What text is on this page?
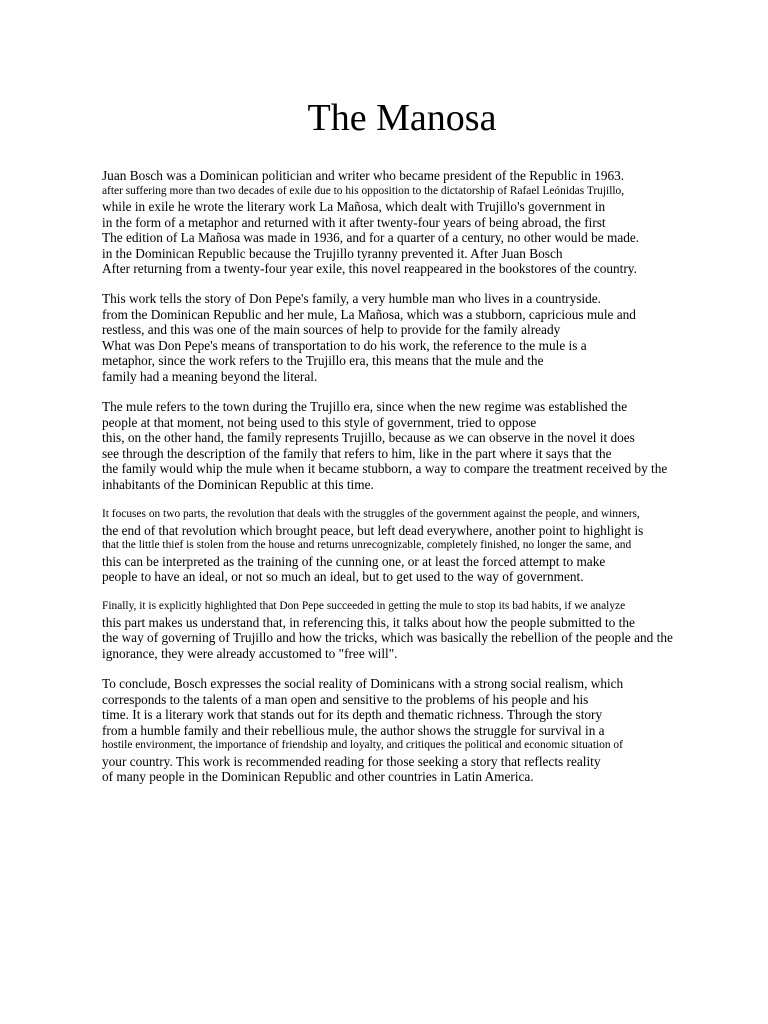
The Manosa
Juan Bosch was a Dominican politician and writer who became president of the Republic in 1963.
after suffering more than two decades of exile due to his opposition to the dictatorship of Rafael Leónidas Trujillo,
while in exile he wrote the literary work La Mañosa, which dealt with Trujillo's government in
in the form of a metaphor and returned with it after twenty-four years of being abroad, the first
The edition of La Mañosa was made in 1936, and for a quarter of a century, no other would be made.
in the Dominican Republic because the Trujillo tyranny prevented it. After Juan Bosch
After returning from a twenty-four year exile, this novel reappeared in the bookstores of the country.
This work tells the story of Don Pepe's family, a very humble man who lives in a countryside.
from the Dominican Republic and her mule, La Mañosa, which was a stubborn, capricious mule and
restless, and this was one of the main sources of help to provide for the family already
What was Don Pepe's means of transportation to do his work, the reference to the mule is a
metaphor, since the work refers to the Trujillo era, this means that the mule and the
family had a meaning beyond the literal.
The mule refers to the town during the Trujillo era, since when the new regime was established the
people at that moment, not being used to this style of government, tried to oppose
this, on the other hand, the family represents Trujillo, because as we can observe in the novel it does
see through the description of the family that refers to him, like in the part where it says that the
the family would whip the mule when it became stubborn, a way to compare the treatment received by the
inhabitants of the Dominican Republic at this time.
It focuses on two parts, the revolution that deals with the struggles of the government against the people, and winners,
the end of that revolution which brought peace, but left dead everywhere, another point to highlight is
that the little thief is stolen from the house and returns unrecognizable, completely finished, no longer the same, and
this can be interpreted as the training of the cunning one, or at least the forced attempt to make
people to have an ideal, or not so much an ideal, but to get used to the way of government.
Finally, it is explicitly highlighted that Don Pepe succeeded in getting the mule to stop its bad habits, if we analyze
this part makes us understand that, in referencing this, it talks about how the people submitted to the
the way of governing of Trujillo and how the tricks, which was basically the rebellion of the people and the
ignorance, they were already accustomed to "free will".
To conclude, Bosch expresses the social reality of Dominicans with a strong social realism, which
corresponds to the talents of a man open and sensitive to the problems of his people and his
time. It is a literary work that stands out for its depth and thematic richness. Through the story
from a humble family and their rebellious mule, the author shows the struggle for survival in a
hostile environment, the importance of friendship and loyalty, and critiques the political and economic situation of
your country. This work is recommended reading for those seeking a story that reflects reality
of many people in the Dominican Republic and other countries in Latin America.
